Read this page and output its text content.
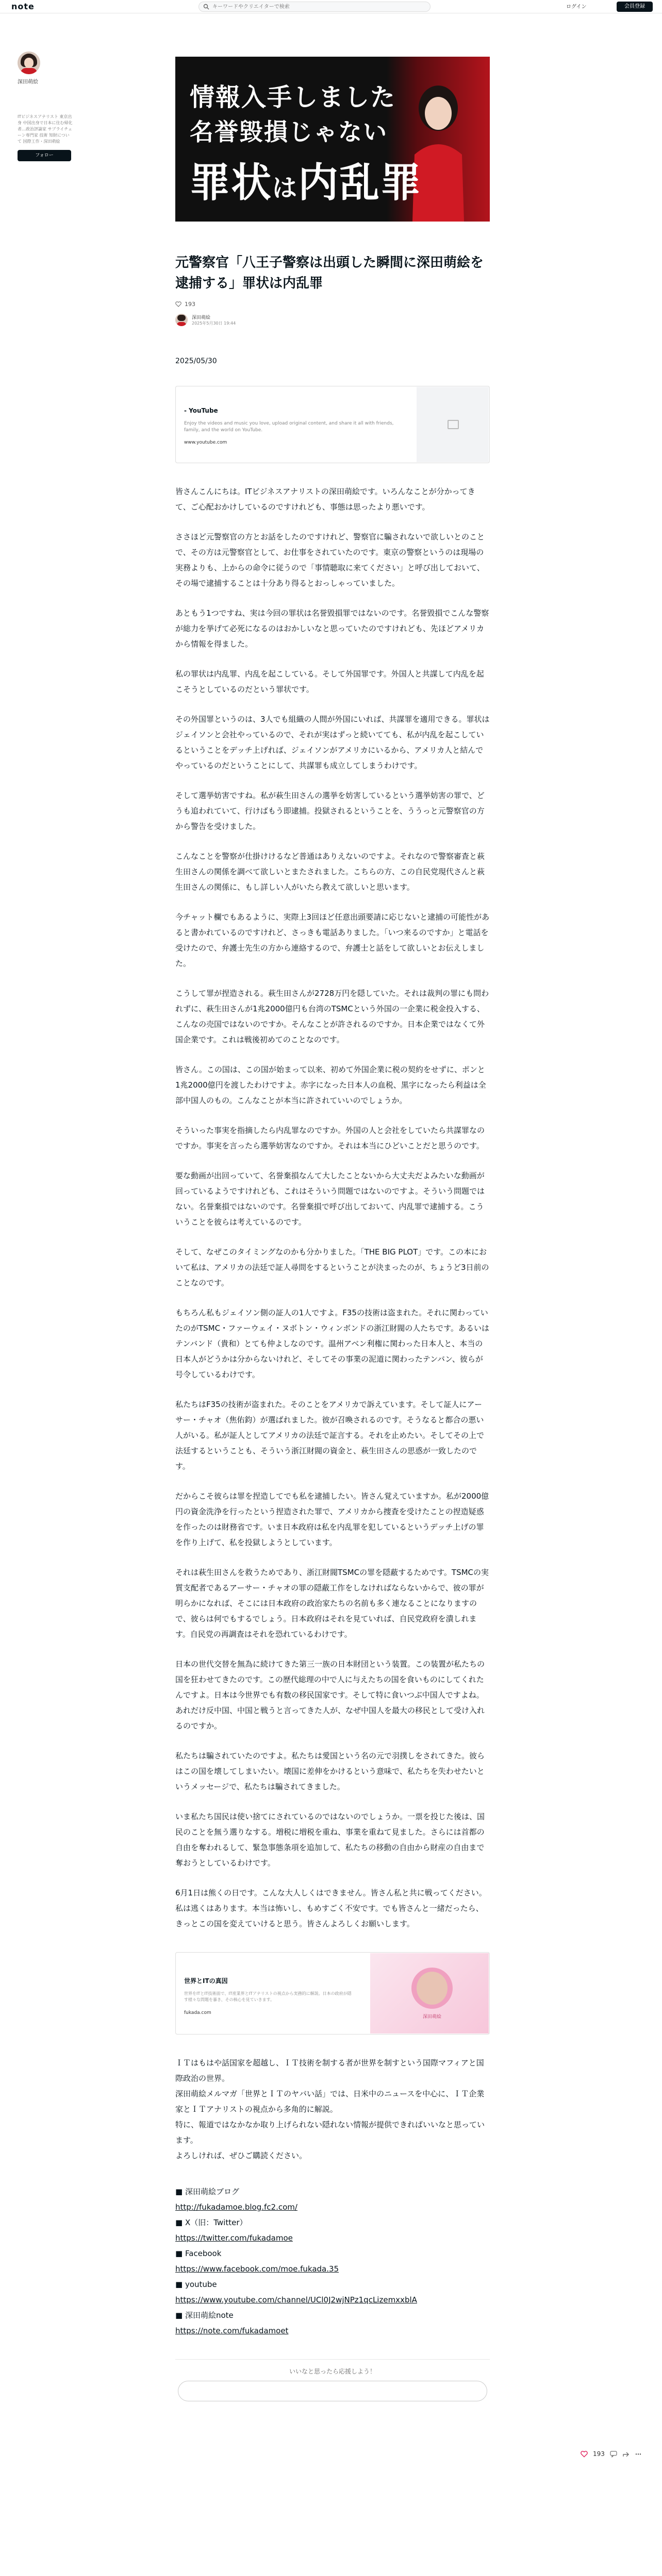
note
キーワードやクリエイターで検索	ログイン	会員登録
深田萌絵
ITビジネスアナリスト 東京出身 中国出身で日本に住む帰化者…政治評論家 サプライチェーン専門家 技術 知財について 国際工作・深田萌絵
フォロー
情報入手しました
名誉毀損じゃない
罪状は内乱罪
元警察官「八王子警察は出頭した瞬間に深田萌絵を逮捕する」罪状は内乱罪
193
深田萌絵
2025年5月30日 19:44
2025/05/30
- YouTube
Enjoy the videos and music you love, upload original content, and share it all with friends, family, and the world on YouTube.
www.youtube.com

皆さんこんにちは。ITビジネスアナリストの深田萌絵です。いろんなことが分かってきて、ご心配おかけしているのですけれども、事態は思ったより悪いです。

ささほど元警察官の方とお話をしたのですけれど、警察官に騙されないで欲しいとのことで、その方は元警察官として、お仕事をされていたのです。東京の警察というのは現場の実務よりも、上からの命令に従うので「事情聴取に来てください」と呼び出しておいて、その場で逮捕することは十分あり得るとおっしゃっていました。

あともう1つですね、実は今回の罪状は名誉毀損罪ではないのです。名誉毀損でこんな警察が総力を挙げて必死になるのはおかしいなと思っていたのですけれども、先ほどアメリカから情報を得ました。

私の罪状は内乱罪、内乱を起こしている。そして外国罪です。外国人と共謀して内乱を起こそうとしているのだという罪状です。

その外国罪というのは、3人でも組織の人間が外国にいれば、共謀罪を適用できる。罪状はジェイソンと会社やっているので、それが実はずっと続いてても、私が内乱を起こしているということをデッチ上げれば、ジェイソンがアメリカにいるから、アメリカ人と結んでやっているのだということにして、共謀罪も成立してしまうわけです。

そして選挙妨害ですね。私が萩生田さんの選挙を妨害しているという選挙妨害の罪で、どうも追われていて、行けばもう即逮捕。投獄されるということを、ううっと元警察官の方から警告を受けました。

こんなことを警察が仕掛けけるなど普通はありえないのですよ。それなので警察審査と萩生田さんの関係を調べて欲しいとまたされました。こちらの方、この自民党現代さんと萩生田さんの関係に、もし詳しい人がいたら教えて欲しいと思います。

今チャット欄でもあるように、実際上3回ほど任意出頭要請に応じないと逮捕の可能性があると書かれているのですけれど、さっきも電話ありました。「いつ来るのですか」と電話を受けたので、弁護士先生の方から連絡するので、弁護士と話をして欲しいとお伝えしました。

こうして罪が捏造される。萩生田さんが2728万円を隠していた。それは裁判の罪にも問われずに、萩生田さんが1兆2000億円も台湾のTSMCという外国の一企業に税金投入する、こんなの売国ではないのですか。そんなことが許されるのですか。日本企業ではなくて外国企業です。これは戦後初めてのことなのです。

皆さん。この国は、この国が始まって以来、初めて外国企業に税の契約をせずに、ポンと1兆2000億円を渡したわけですよ。赤字になった日本人の血税、黒字になったら利益は全部中国人のもの。こんなことが本当に許されていいのでしょうか。

そういった事実を指摘したら内乱罪なのですか。外国の人と会社をしていたら共謀罪なのですか。事実を言ったら選挙妨害なのですか。それは本当にひどいことだと思うのです。

要な動画が出回っていて、名誉棄損なんて大したことないから大丈夫だよみたいな動画が回っているようですけれども、これはそういう問題ではないのですよ。そういう問題ではない。名誉棄損ではないのです。名誉棄損で呼び出しておいて、内乱罪で逮捕する。こういうことを彼らは考えているのです。

そして、なぜこのタイミングなのかも分かりました。「THE BIG PLOT」です。この本において私は、アメリカの法廷で証人尋問をするということが決まったのが、ちょうど3日前のことなのです。

もちろん私もジェイソン側の証人の1人ですよ。F35の技術は盗まれた。それに関わっていたのがTSMC・ファーウェイ・ヌボトン・ウィンボンドの浙江財閥の人たちです。あるいはテンバンド（貴和）とても仲よしなのです。温州アベン利権に関わった日本人と、本当の日本人がどうかは分からないけれど、そしてその事業の泥道に関わったテンバン、彼らが号令しているわけです。

私たちはF35の技術が盗まれた。そのことをアメリカで訴えています。そして証人にアーサー・チャオ（焦佑鈞）が選ばれました。彼が召喚されるのです。そうなると都合の悪い人がいる。私が証人としてアメリカの法廷で証言する。それを止めたい。そしてその上で法廷するということも、そういう浙江財閥の資金と、萩生田さんの思惑が一致したのです。

だからこそ彼らは罪を捏造してでも私を逮捕したい。皆さん覚えていますか。私が2000億円の資金洗浄を行ったという捏造された罪で、アメリカから捜査を受けたことの捏造疑惑を作ったのは財務省です。いま日本政府は私を内乱罪を犯しているというデッチ上げの罪を作り上げて、私を投獄しようとしています。

それは萩生田さんを救うためであり、浙江財閥TSMCの罪を隠蔽するためです。TSMCの実質支配者であるアーサー・チャオの罪の隠蔽工作をしなければならないからで、彼の罪が明らかになれば、そこには日本政府の政治家たちの名前も多く連なることになりますので、彼らは何でもするでしょう。日本政府はそれを見ていれば、自民党政府を潰しれます。自民党の再調査はそれを恐れているわけです。

日本の世代交替を無為に続けてきた第三一族の日本財団という装置。この装置が私たちの国を狂わせてきたのです。この歴代総理の中で人に与えたちの国を食いものにしてくれたんですよ。日本は今世界でも有数の移民国家です。そして特に食いつぶ中国人ですよね。あれだけ反中国、中国と戦うと言ってきた人が、なぜ中国人を最大の移民として受け入れるのですか。

私たちは騙されていたのですよ。私たちは愛国という名の元で羽撲しをされてきた。彼らはこの国を壊してしまいたい。壊国に差伸をかけるという意味で、私たちを失わせたいというメッセージで、私たちは騙されてきました。

いま私たち国民は使い捨てにされているのではないのでしょうか。一票を投じた後は、国民のことを無う選りなする。増税に増税を重ね、事業を重ねて見ました。さらには首都の自由を奪われるして、緊急事態条項を追加して、私たちの移動の自由から財産の自由まで奪おうとしているわけです。

6月1日は熊くの日です。こんな大人しくはできません。皆さん私と共に戦ってください。私は逃くはあります。本当は怖いし、もめすごく不安です。でも皆さんと一緒だったら、きっとこの国を変えていけると思う。皆さんよろしくお願いします。

世界とITの真因
世界をITとIT技術面で、IT産業界とITアナリストの視点から実務的に解説。日本の政府が隠す様々な問題を暴き、その核心を見ていきます。
fukada.com
深田萌絵

ＩＴはもはや話国家を超越し、ＩＴ技術を制する者が世界を制すという国際マフィアと国際政治の世界。

深田萌絵メルマガ「世界とＩＴのヤバい話」では、日米中のニュースを中心に、ＩＴ企業家とＩＴアナリストの視点から多角的に解説。

特に、報道ではなかなか取り上げられない隠れない情報が提供できればいいなと思っています。

よろしければ、ぜひご購読ください。

■ 深田萌絵ブログ
http://fukadamoe.blog.fc2.com/
■ X（旧：Twitter）
https://twitter.com/fukadamoe
■ Facebook
https://www.facebook.com/moe.fukada.35
■ youtube
https://www.youtube.com/channel/UCl0J2wjNPz1qcLizemxxblA
■ 深田萌絵note
https://note.com/fukadamoet
いいなと思ったら応援しよう！
193
